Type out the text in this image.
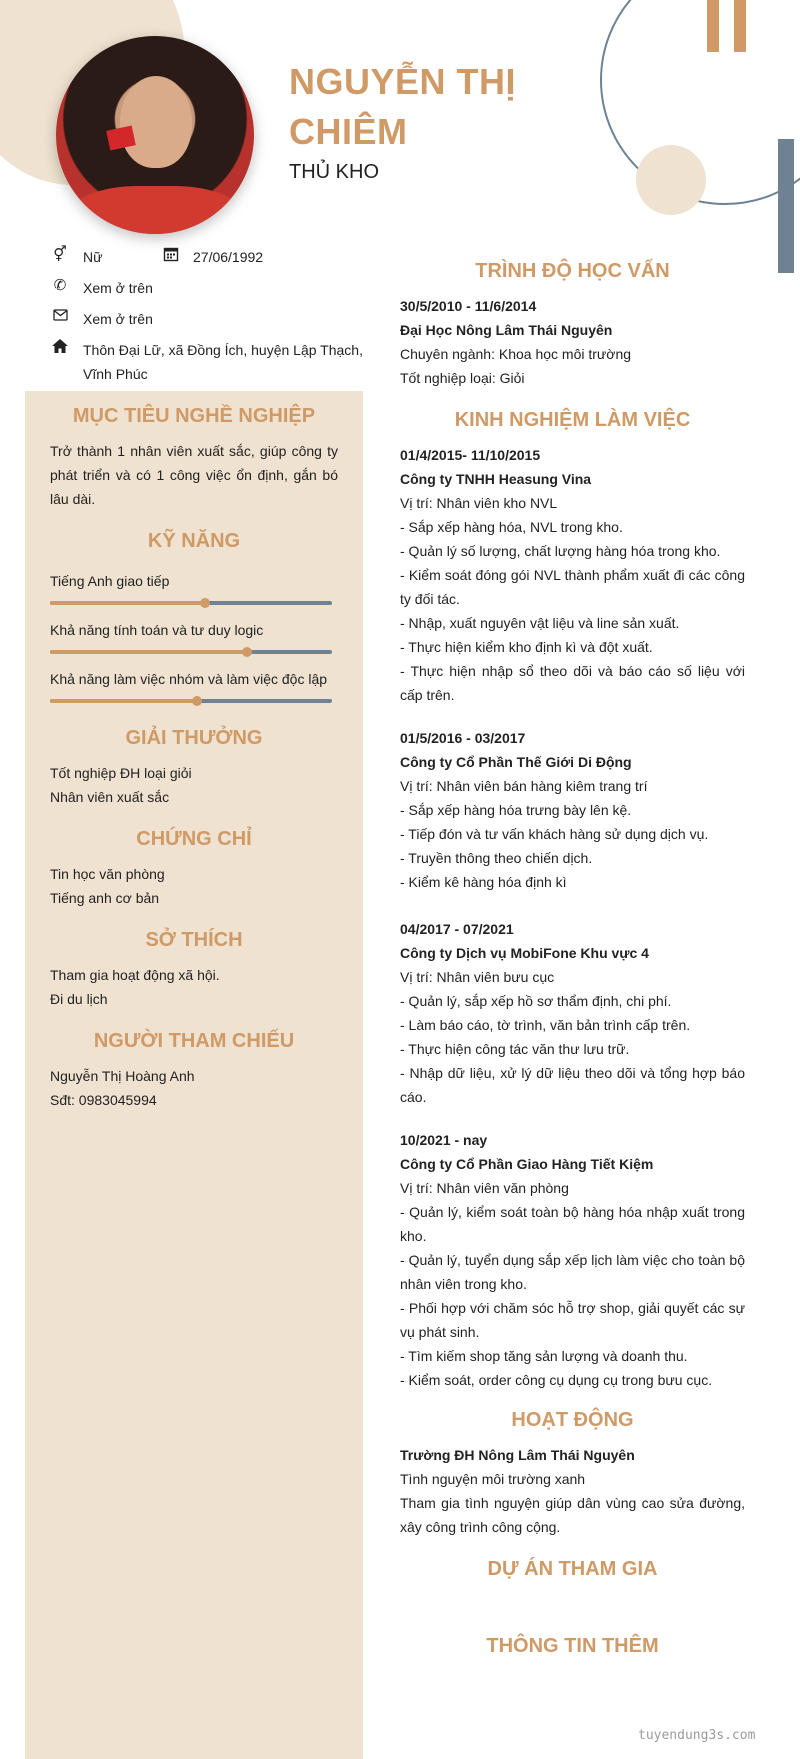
NGUYỄN THỊ
CHIÊM
THỦ KHO
⚥ Nữ	27/06/1992
✆ Xem ở trên
Xem ở trên
Thôn Đại Lữ, xã Đồng Ích, huyện Lập Thạch,
Vĩnh Phúc
MỤC TIÊU NGHỀ NGHIỆP
Trở thành 1 nhân viên xuất sắc, giúp công ty phát triển và có 1 công việc ổn định, gắn bó lâu dài.
KỸ NĂNG
Tiếng Anh giao tiếp
Khả năng tính toán và tư duy logic
Khả năng làm việc nhóm và làm việc độc lập
GIẢI THƯỞNG
Tốt nghiệp ĐH loại giỏi
Nhân viên xuất sắc
CHỨNG CHỈ
Tin học văn phòng
Tiếng anh cơ bản
SỞ THÍCH
Tham gia hoạt động xã hội.
Đi du lịch
NGƯỜI THAM CHIẾU
Nguyễn Thị Hoàng Anh
Sđt: 0983045994
TRÌNH ĐỘ HỌC VẤN
30/5/2010 - 11/6/2014
Đại Học Nông Lâm Thái Nguyên
Chuyên ngành: Khoa học môi trường
Tốt nghiệp loại: Giỏi
KINH NGHIỆM LÀM VIỆC
01/4/2015- 11/10/2015
Công ty TNHH Heasung Vina
Vị trí: Nhân viên kho NVL
- Sắp xếp hàng hóa, NVL trong kho.
- Quản lý số lượng, chất lượng hàng hóa trong kho.
- Kiểm soát đóng gói NVL thành phẩm xuất đi các công ty đối tác.
- Nhập, xuất nguyên vật liệu và line sản xuất.
- Thực hiện kiểm kho định kì và đột xuất.
- Thực hiện nhập sổ theo dõi và báo cáo số liệu với cấp trên.
01/5/2016 - 03/2017
Công ty Cổ Phần Thế Giới Di Động
Vị trí: Nhân viên bán hàng kiêm trang trí
- Sắp xếp hàng hóa trưng bày lên kệ.
- Tiếp đón và tư vấn khách hàng sử dụng dịch vụ.
- Truyền thông theo chiến dịch.
- Kiểm kê hàng hóa định kì
04/2017 - 07/2021
Công ty Dịch vụ MobiFone Khu vực 4
Vị trí: Nhân viên bưu cục
- Quản lý, sắp xếp hồ sơ thẩm định, chi phí.
- Làm báo cáo, tờ trình, văn bản trình cấp trên.
- Thực hiện công tác văn thư lưu trữ.
- Nhập dữ liệu, xử lý dữ liệu theo dõi và tổng hợp báo cáo.
10/2021 - nay
Công ty Cổ Phần Giao Hàng Tiết Kiệm
Vị trí: Nhân viên văn phòng
- Quản lý, kiểm soát toàn bộ hàng hóa nhập xuất trong kho.
- Quản lý, tuyển dụng sắp xếp lịch làm việc cho toàn bộ nhân viên trong kho.
- Phối hợp với chăm sóc hỗ trợ shop, giải quyết các sự vụ phát sinh.
- Tìm kiếm shop tăng sản lượng và doanh thu.
- Kiểm soát, order công cụ dụng cụ trong bưu cục.
HOẠT ĐỘNG
Trường ĐH Nông Lâm Thái Nguyên
Tình nguyện môi trường xanh
Tham gia tình nguyện giúp dân vùng cao sửa đường, xây công trình công cộng.
DỰ ÁN THAM GIA
THÔNG TIN THÊM
tuyendung3s.com
